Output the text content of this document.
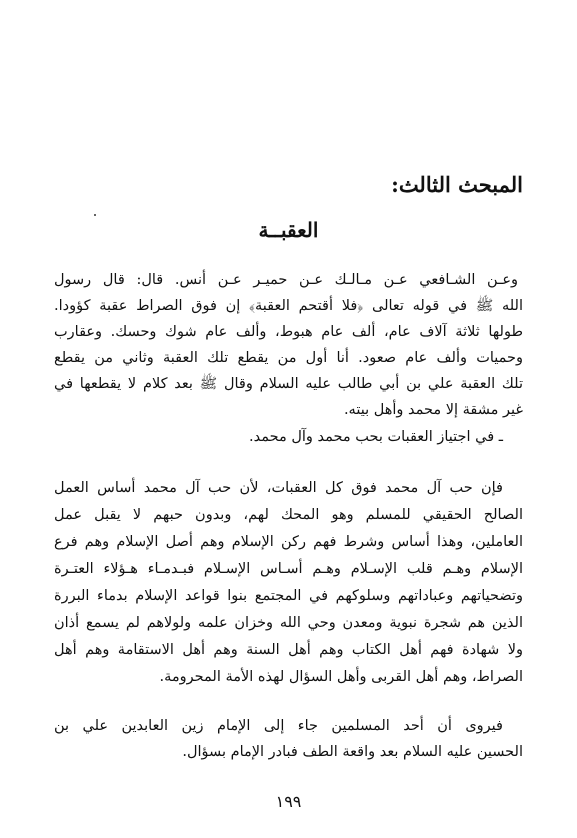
المبحث الثالث:
العقبــة
وعـن الشـافعي عـن مـالـك عـن حميـر عـن أنس. قال: قال رسول
الله ﷺ في قوله تعالى ﴿فلا أقتحم العقبة﴾ إن فوق الصراط عقبة كؤودا.
طولها ثلاثة آلاف عام، ألف عام هبوط، وألف عام شوك وحسك. وعقارب
وحميات وألف عام صعود. أنا أول من يقطع تلك العقبة وثاني من يقطع
تلك العقبة علي بن أبي طالب عليه السلام وقال ﷺ بعد كلام لا يقطعها في
غير مشقة إلا محمد وأهل بيته.
ـ في اجتياز العقبات بحب محمد وآل محمد.
فإن حب آل محمد فوق كل العقبات، لأن حب آل محمد أساس العمل
الصالح الحقيقي للمسلم وهو المحك لهم، وبدون حبهم لا يقبل عمل
العاملين، وهذا أساس وشرط فهم ركن الإسلام وهم أصل الإسلام وهم فرع
الإسلام وهـم قلب الإسـلام وهـم أسـاس الإسـلام فبـدمـاء هـؤلاء العتـرة
وتضحياتهم وعباداتهم وسلوكهم في المجتمع بنوا قواعد الإسلام بدماء البررة
الذين هم شجرة نبوية ومعدن وحي الله وخزان علمه ولولاهم لم يسمع أذان
ولا شهادة فهم أهل الكتاب وهم أهل السنة وهم أهل الاستقامة وهم أهل
الصراط، وهم أهل القربى وأهل السؤال لهذه الأمة المحرومة.
فيروى أن أحد المسلمين جاء إلى الإمام زين العابدين علي بن
الحسين عليه السلام بعد واقعة الطف فبادر الإمام بسؤال.
١٩٩
